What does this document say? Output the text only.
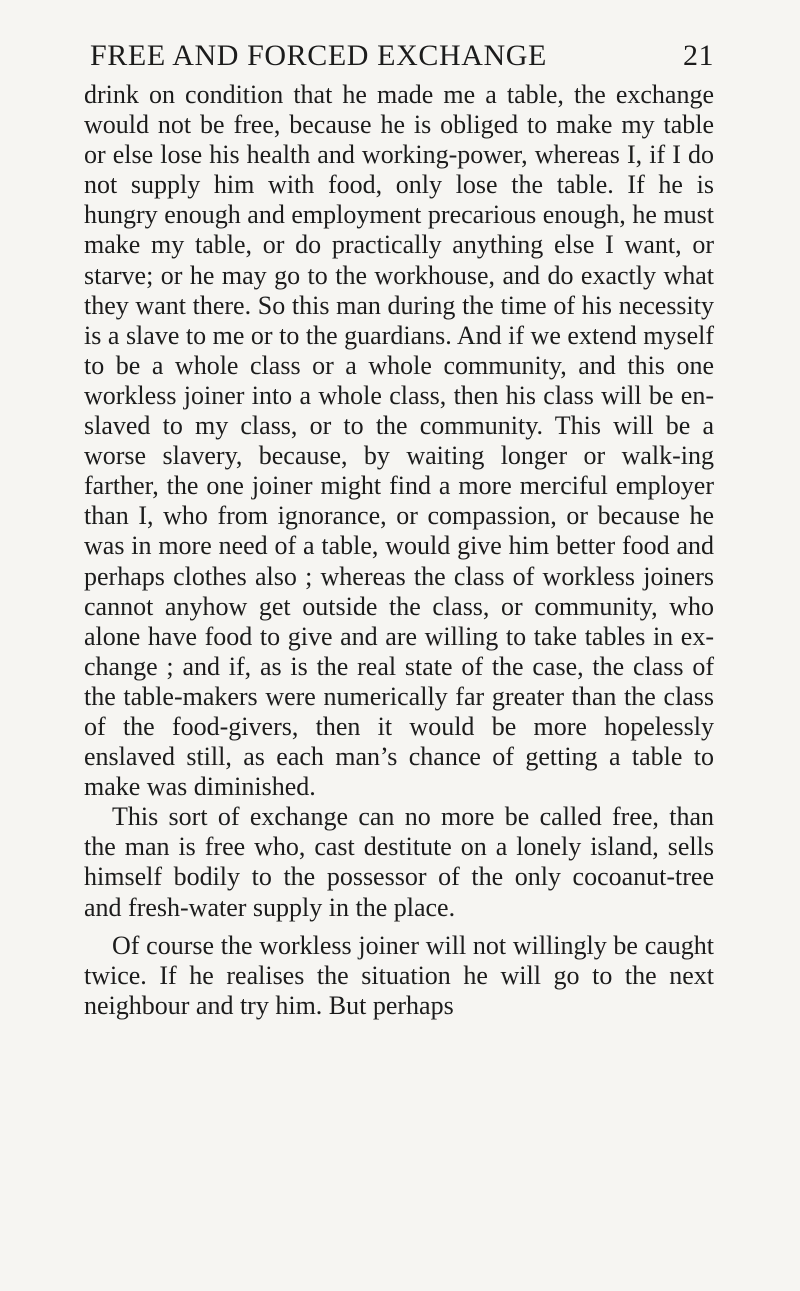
FREE AND FORCED EXCHANGE	21

drink on condition that he made me a table, the exchange would not be free, because he is obliged to make my table or else lose his health and working-power, whereas I, if I do not supply him with food, only lose the table. If he is hungry enough and employment precarious enough, he must make my table, or do practically anything else I want, or starve; or he may go to the workhouse, and do exactly what they want there. So this man during the time of his necessity is a slave to me or to the guardians. And if we extend myself to be a whole class or a whole community, and this one workless joiner into a whole class, then his class will be en-slaved to my class, or to the community. This will be a worse slavery, because, by waiting longer or walk-ing farther, the one joiner might find a more merciful employer than I, who from ignorance, or compassion, or because he was in more need of a table, would give him better food and perhaps clothes also ; whereas the class of workless joiners cannot anyhow get outside the class, or community, who alone have food to give and are willing to take tables in ex-change ; and if, as is the real state of the case, the class of the table-makers were numerically far greater than the class of the food-givers, then it would be more hopelessly enslaved still, as each man’s chance of getting a table to make was diminished.

This sort of exchange can no more be called free, than the man is free who, cast destitute on a lonely island, sells himself bodily to the possessor of the only cocoanut-tree and fresh-water supply in the place.

Of course the workless joiner will not willingly be caught twice. If he realises the situation he will go to the next neighbour and try him. But perhaps
